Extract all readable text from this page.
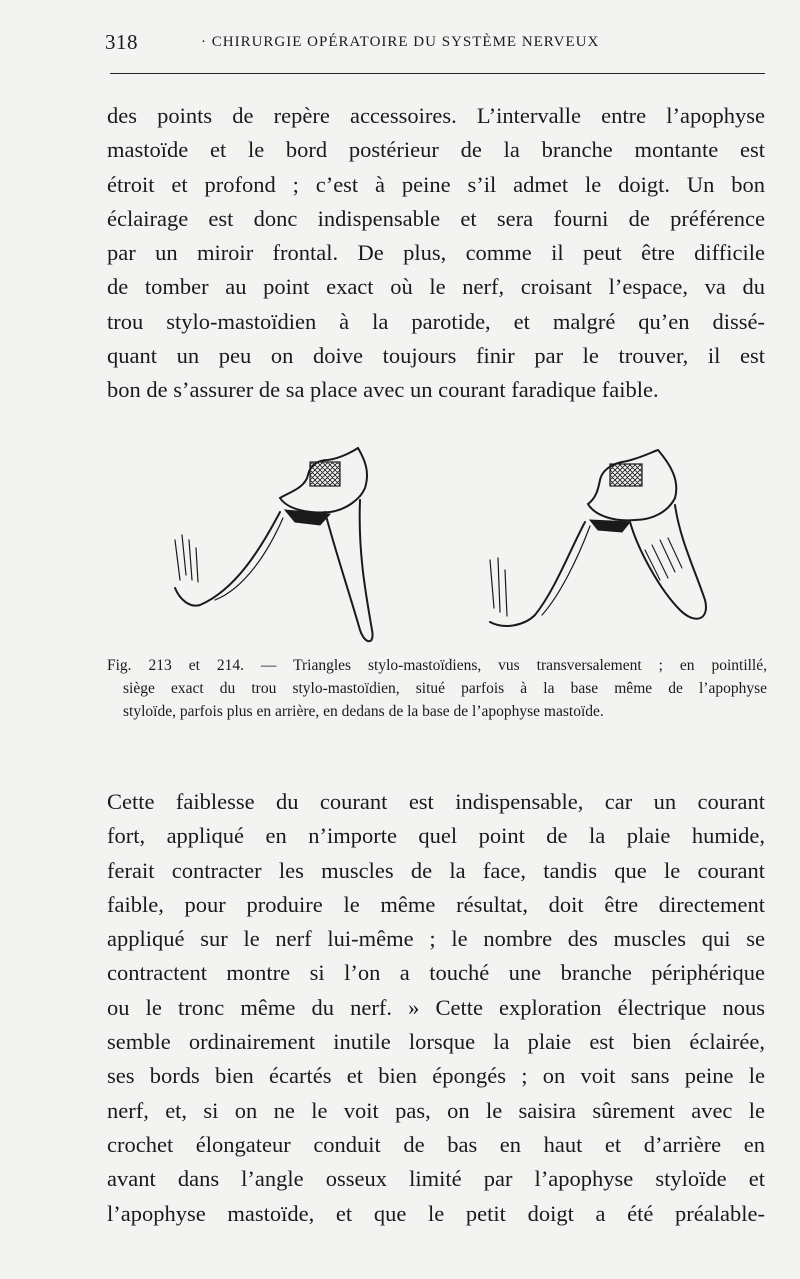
318	· CHIRURGIE OPÉRATOIRE DU SYSTÈME NERVEUX
des points de repère accessoires. L’intervalle entre l’apophyse
mastoïde et le bord postérieur de la branche montante est
étroit et profond ; c’est à peine s’il admet le doigt. Un bon
éclairage est donc indispensable et sera fourni de préférence
par un miroir frontal. De plus, comme il peut être difficile
de tomber au point exact où le nerf, croisant l’espace, va du
trou stylo-mastoïdien à la parotide, et malgré qu’en dissé-
quant un peu on doive toujours finir par le trouver, il est
bon de s’assurer de sa place avec un courant faradique faible.
Fig. 213 et 214. — Triangles stylo-mastoïdiens, vus transversalement ; en pointillé,
siège exact du trou stylo-mastoïdien, situé parfois à la base même de l’apophyse
styloïde, parfois plus en arrière, en dedans de la base de l’apophyse mastoïde.
Cette faiblesse du courant est indispensable, car un courant
fort, appliqué en n’importe quel point de la plaie humide,
ferait contracter les muscles de la face, tandis que le courant
faible, pour produire le même résultat, doit être directement
appliqué sur le nerf lui-même ; le nombre des muscles qui se
contractent montre si l’on a touché une branche périphérique
ou le tronc même du nerf. » Cette exploration électrique nous
semble ordinairement inutile lorsque la plaie est bien éclairée,
ses bords bien écartés et bien épongés ; on voit sans peine le
nerf, et, si on ne le voit pas, on le saisira sûrement avec le
crochet élongateur conduit de bas en haut et d’arrière en
avant dans l’angle osseux limité par l’apophyse styloïde et
l’apophyse mastoïde, et que le petit doigt a été préalable-
